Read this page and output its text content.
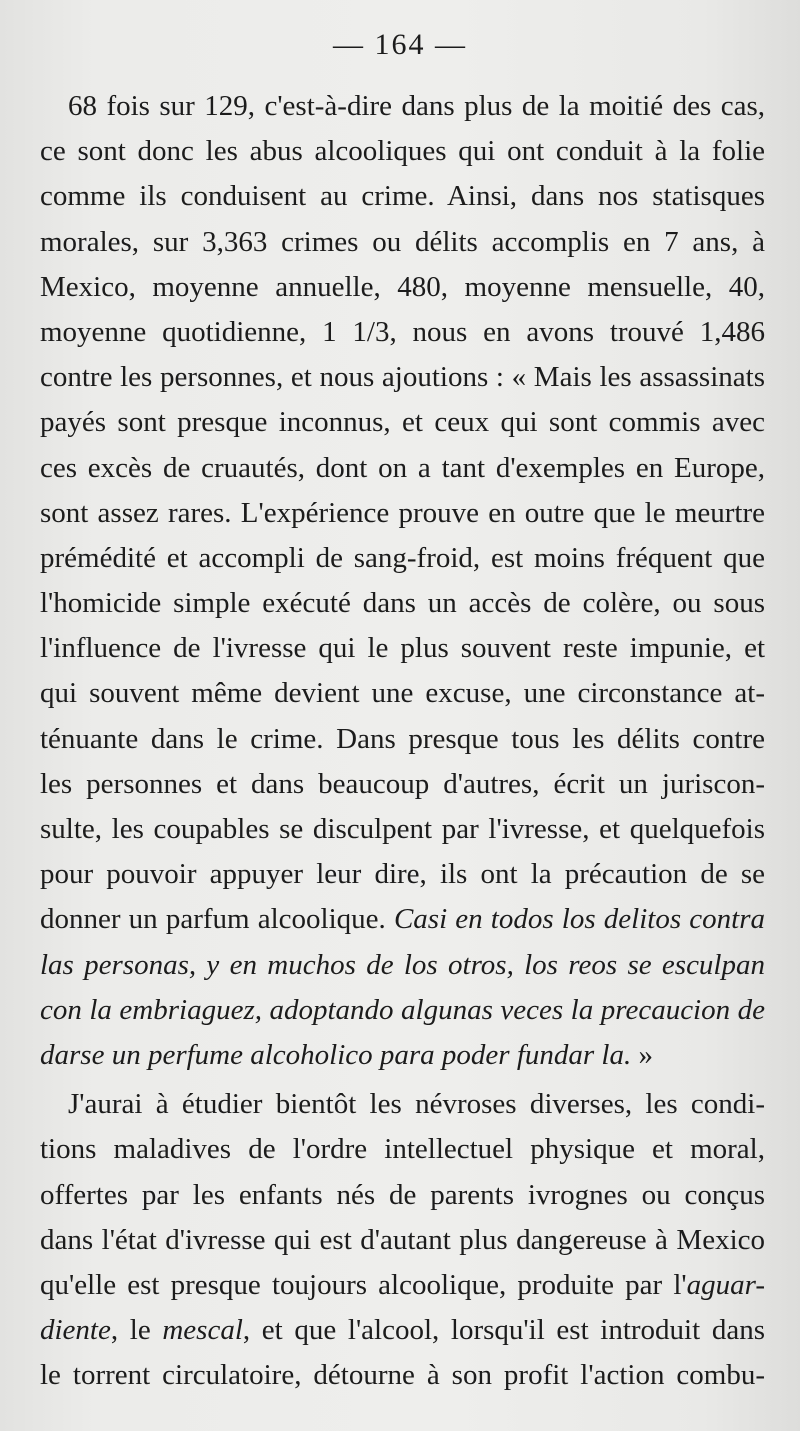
— 164 —
68 fois sur 129, c'est-à-dire dans plus de la moitié des cas,
ce sont donc les abus alcooliques qui ont conduit à la folie
comme ils conduisent au crime. Ainsi, dans nos statisques
morales, sur 3,363 crimes ou délits accomplis en 7 ans, à
Mexico, moyenne annuelle, 480, moyenne mensuelle, 40,
moyenne quotidienne, 1 1/3, nous en avons trouvé 1,486
contre les personnes, et nous ajoutions : « Mais les assassinats
payés sont presque inconnus, et ceux qui sont commis avec
ces excès de cruautés, dont on a tant d'exemples en Europe,
sont assez rares. L'expérience prouve en outre que le meurtre
prémédité et accompli de sang-froid, est moins fréquent que
l'homicide simple exécuté dans un accès de colère, ou sous
l'influence de l'ivresse qui le plus souvent reste impunie, et
qui souvent même devient une excuse, une circonstance at-
ténuante dans le crime. Dans presque tous les délits contre
les personnes et dans beaucoup d'autres, écrit un juriscon-
sulte, les coupables se disculpent par l'ivresse, et quelquefois
pour pouvoir appuyer leur dire, ils ont la précaution de se
donner un parfum alcoolique. Casi en todos los delitos contra
las personas, y en muchos de los otros, los reos se esculpan
con la embriaguez, adoptando algunas veces la precaucion de
darse un perfume alcoholico para poder fundar la. »
J'aurai à étudier bientôt les névroses diverses, les condi-
tions maladives de l'ordre intellectuel physique et moral,
offertes par les enfants nés de parents ivrognes ou conçus
dans l'état d'ivresse qui est d'autant plus dangereuse à Mexico
qu'elle est presque toujours alcoolique, produite par l'aguar-
diente, le mescal, et que l'alcool, lorsqu'il est introduit dans
le torrent circulatoire, détourne à son profit l'action combu-
